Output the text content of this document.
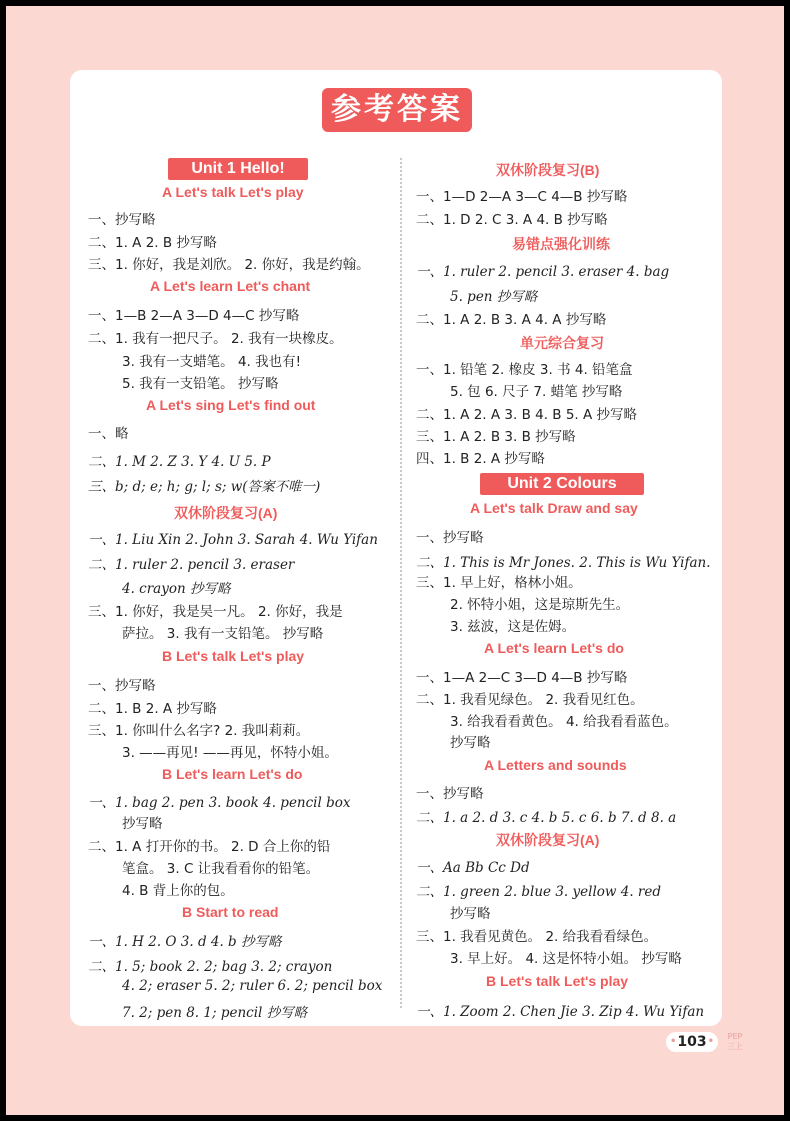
参考答案
Unit 1 Hello!
A Let's talk Let's play
一、抄写略
二、1. A 2. B 抄写略
三、1. 你好，我是刘欣。 2. 你好，我是约翰。
A Let's learn Let's chant
一、1—B 2—A 3—D 4—C 抄写略
二、1. 我有一把尺子。 2. 我有一块橡皮。
3. 我有一支蜡笔。 4. 我也有!
5. 我有一支铅笔。 抄写略
A Let's sing Let's find out
一、略
二、1. M 2. Z 3. Y 4. U 5. P
三、b; d; e; h; g; l; s; w(答案不唯一)
双休阶段复习(A)
一、1. Liu Xin 2. John 3. Sarah 4. Wu Yifan
二、1. ruler 2. pencil 3. eraser
4. crayon 抄写略
三、1. 你好，我是吴一凡。 2. 你好，我是
萨拉。 3. 我有一支铅笔。 抄写略
B Let's talk Let's play
一、抄写略
二、1. B 2. A 抄写略
三、1. 你叫什么名字? 2. 我叫莉莉。
3. ——再见! ——再见，怀特小姐。
B Let's learn Let's do
一、1. bag 2. pen 3. book 4. pencil box
抄写略
二、1. A 打开你的书。 2. D 合上你的铅
笔盒。 3. C 让我看看你的铅笔。
4. B 背上你的包。
B Start to read
一、1. H 2. O 3. d 4. b 抄写略
二、1. 5; book 2. 2; bag 3. 2; crayon
4. 2; eraser 5. 2; ruler 6. 2; pencil box
7. 2; pen 8. 1; pencil 抄写略
双休阶段复习(B)
一、1—D 2—A 3—C 4—B 抄写略
二、1. D 2. C 3. A 4. B 抄写略
易错点强化训练
一、1. ruler 2. pencil 3. eraser 4. bag
5. pen 抄写略
二、1. A 2. B 3. A 4. A 抄写略
单元综合复习
一、1. 铅笔 2. 橡皮 3. 书 4. 铅笔盒
5. 包 6. 尺子 7. 蜡笔 抄写略
二、1. A 2. A 3. B 4. B 5. A 抄写略
三、1. A 2. B 3. B 抄写略
四、1. B 2. A 抄写略
Unit 2 Colours
A Let's talk Draw and say
一、抄写略
二、1. This is Mr Jones. 2. This is Wu Yifan.
三、1. 早上好，格林小姐。
2. 怀特小姐，这是琼斯先生。
3. 兹波，这是佐姆。
A Let's learn Let's do
一、1—A 2—C 3—D 4—B 抄写略
二、1. 我看见绿色。 2. 我看见红色。
3. 给我看看黄色。 4. 给我看看蓝色。
抄写略
A Letters and sounds
一、抄写略
二、1. a 2. d 3. c 4. b 5. c 6. b 7. d 8. a
双休阶段复习(A)
一、Aa Bb Cc Dd
二、1. green 2. blue 3. yellow 4. red
抄写略
三、1. 我看见黄色。 2. 给我看看绿色。
3. 早上好。 4. 这是怀特小姐。 抄写略
B Let's talk Let's play
一、1. Zoom 2. Chen Jie 3. Zip 4. Wu Yifan
• 103 •	PEP
三上
